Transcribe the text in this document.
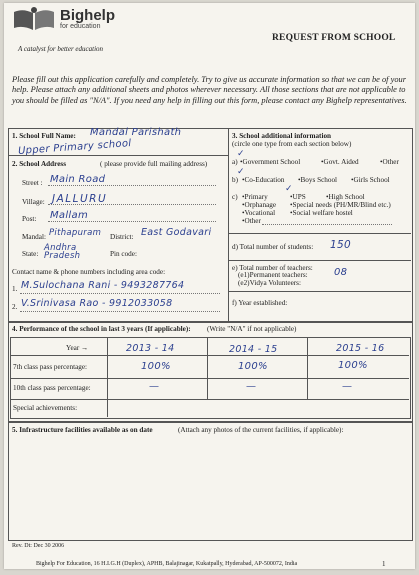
Bighelp
for education
A catalyst for better education
REQUEST FROM SCHOOL
Please fill out this application carefully and completely. Try to give us accurate information so that we can be of your help. Please attach any additional sheets and photos wherever necessary. All those sections that are not applicable to you should be filled as "N/A". If you need any help in filling out this form, please contact any Bighelp representatives.
1. School Full Name: Mandal Parishath
Upper Primary school
2. School Address	( please provide full mailing address)
Street : Main Road
Village: JALLURU
Post: Mallam
Mandal: Pithapuram District: East Godavari
State:
Andhra Pradesh	Pin code:
Contact name & phone numbers including area code:
1. M.Sulochana Rani - 9493287764
2. V.Srinivasa Rao - 9912033058
3. School additional information
(circle one type from each section below)
a)
✓
•Government School	•Govt. Aided	•Other
b)
✓
•Co-Education •Boys School •Girls School
c) •Primary
✓
•UPS	•High School
•Orphanage •Special needs (PH/MR/Blind etc.)
•Vocational •Social welfare hostel
•Other
d) Total number of students: 150
e) Total number of teachers:
(e1)Permanent teachers:	08
(e2)Vidya Volunteers:
f) Year established:
4. Performance of the school in last 3 years (If applicable): (Write "N/A" if not applicable)
Year →	2013 - 14	2014 - 15	2015 - 16
7th class pass percentage:	100%	100%	100%
10th class pass percentage:	—	—	—
Special achievements:
5. Infrastructure facilities available as on date	(Attach any photos of the current facilities, if applicable):
Rev. Dt: Dec 30 2006
Bighelp For Education, 16 H.I.G.H (Duplex), APHB, Balajinagar, Kukatpally, Hyderabad, AP-500072, India	1
